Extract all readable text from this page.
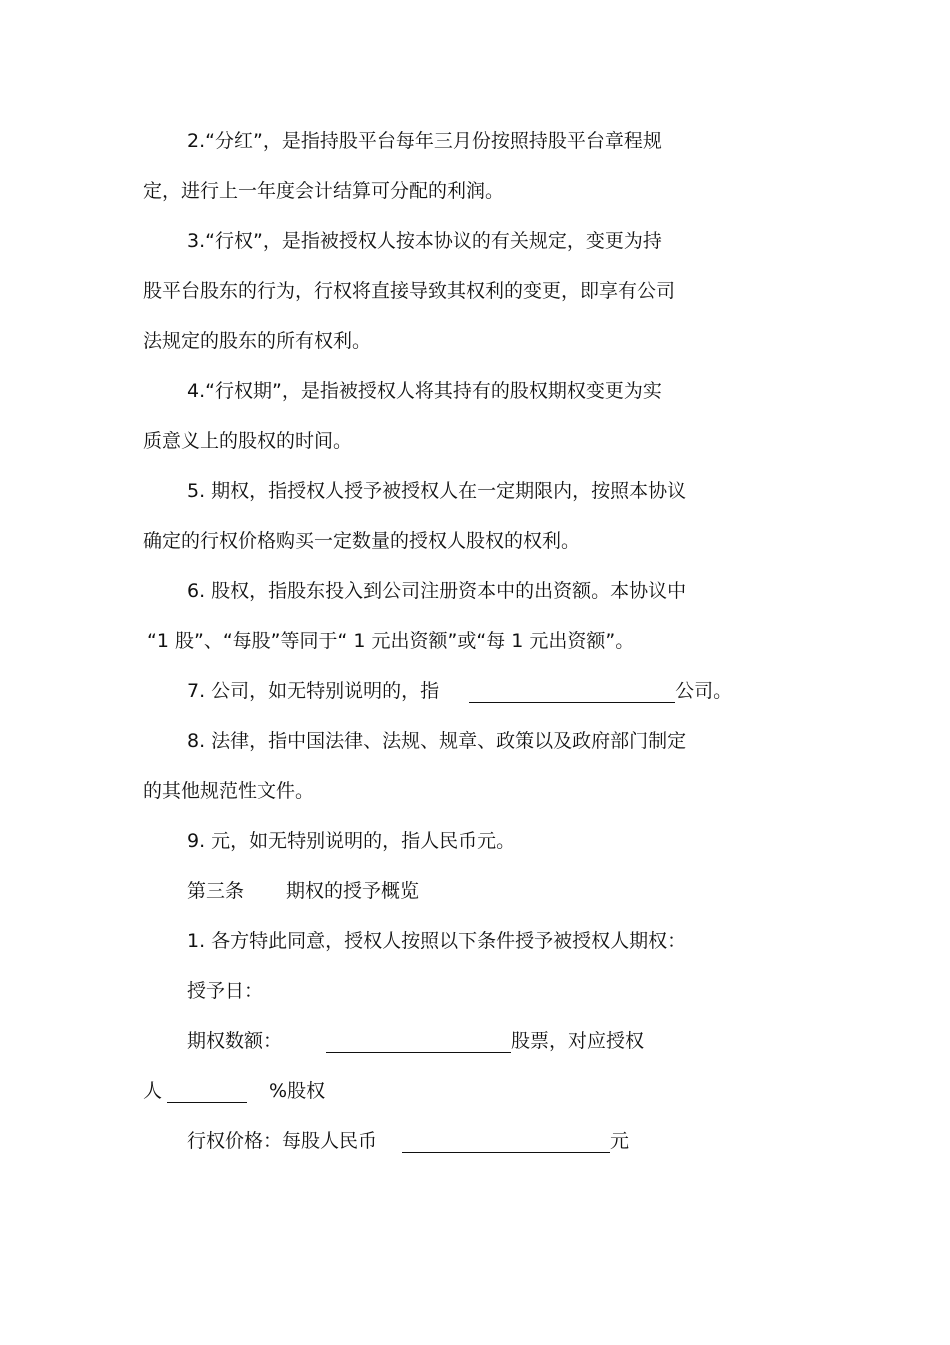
2.“分红”，是指持股平台每年三月份按照持股平台章程规
定，进行上一年度会计结算可分配的利润。
3.“行权”，是指被授权人按本协议的有关规定，变更为持
股平台股东的行为，行权将直接导致其权利的变更，即享有公司
法规定的股东的所有权利。
4.“行权期”，是指被授权人将其持有的股权期权变更为实
质意义上的股权的时间。
5. 期权，指授权人授予被授权人在一定期限内，按照本协议
确定的行权价格购买一定数量的授权人股权的权利。
6. 股权，指股东投入到公司注册资本中的出资额。本协议中
“1 股”、“每股”等同于“ 1 元出资额”或“每 1 元出资额”。
7. 公司，如无特别说明的，指	公司。
8. 法律，指中国法律、法规、规章、政策以及政府部门制定
的其他规范性文件。
9. 元，如无特别说明的，指人民币元。
第三条 期权的授予概览
1. 各方特此同意，授权人按照以下条件授予被授权人期权：
授予日：
期权数额：	股票，对应授权
人	%股权
行权价格：每股人民币	元
